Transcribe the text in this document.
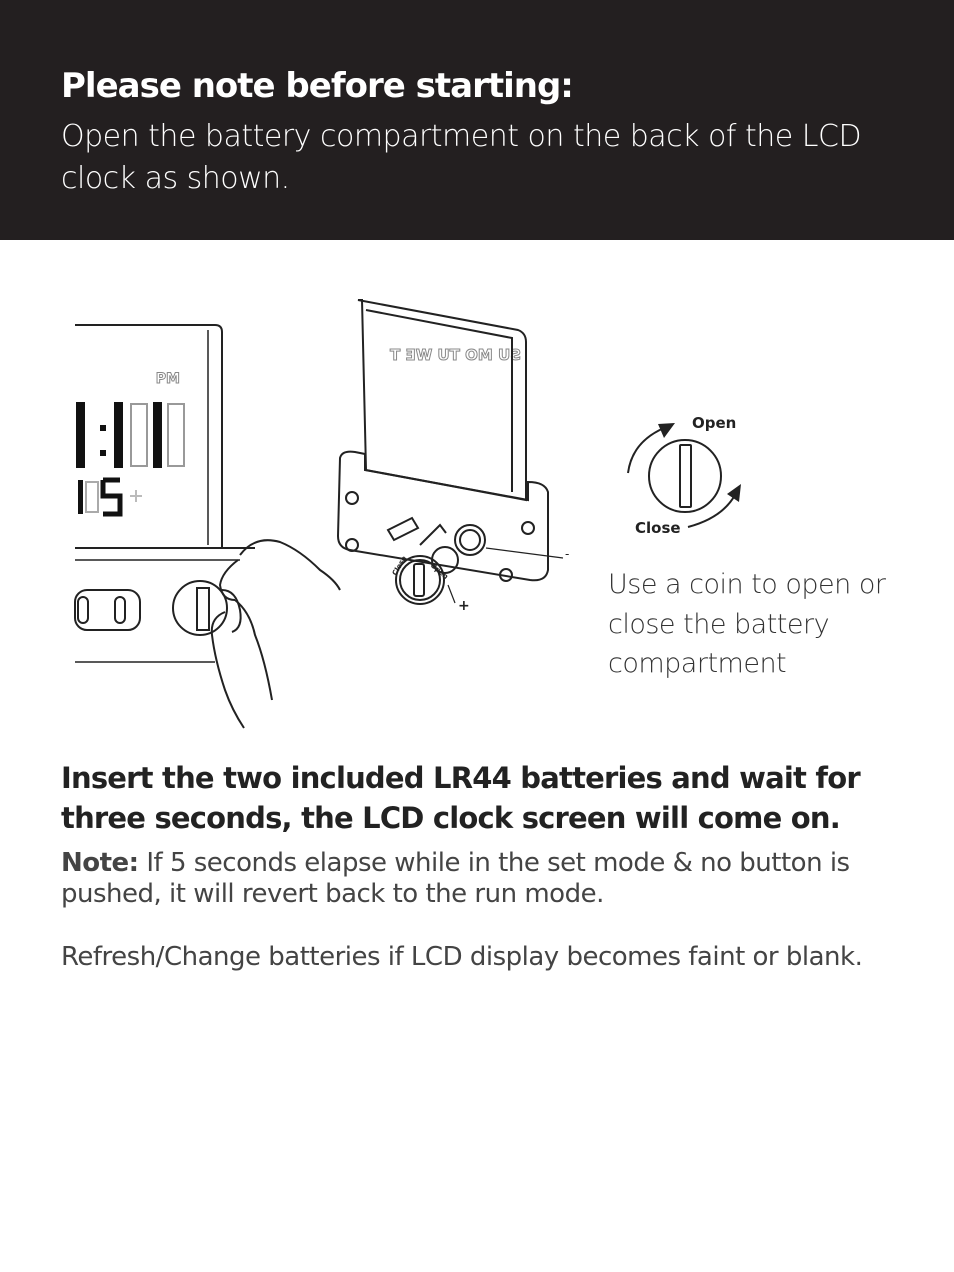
Please note before starting:

Open the battery compartment on the back of the LCD clock as shown.

SU MO TU WE T
PM
-
+
Close	Open
Open
Close

Use a coin to open or close the battery compartment

Insert the two included LR44 batteries and wait for three seconds, the LCD clock screen will come on.

Note: If 5 seconds elapse while in the set mode & no button is pushed, it will revert back to the run mode.

Refresh/Change batteries if LCD display becomes faint or blank.
